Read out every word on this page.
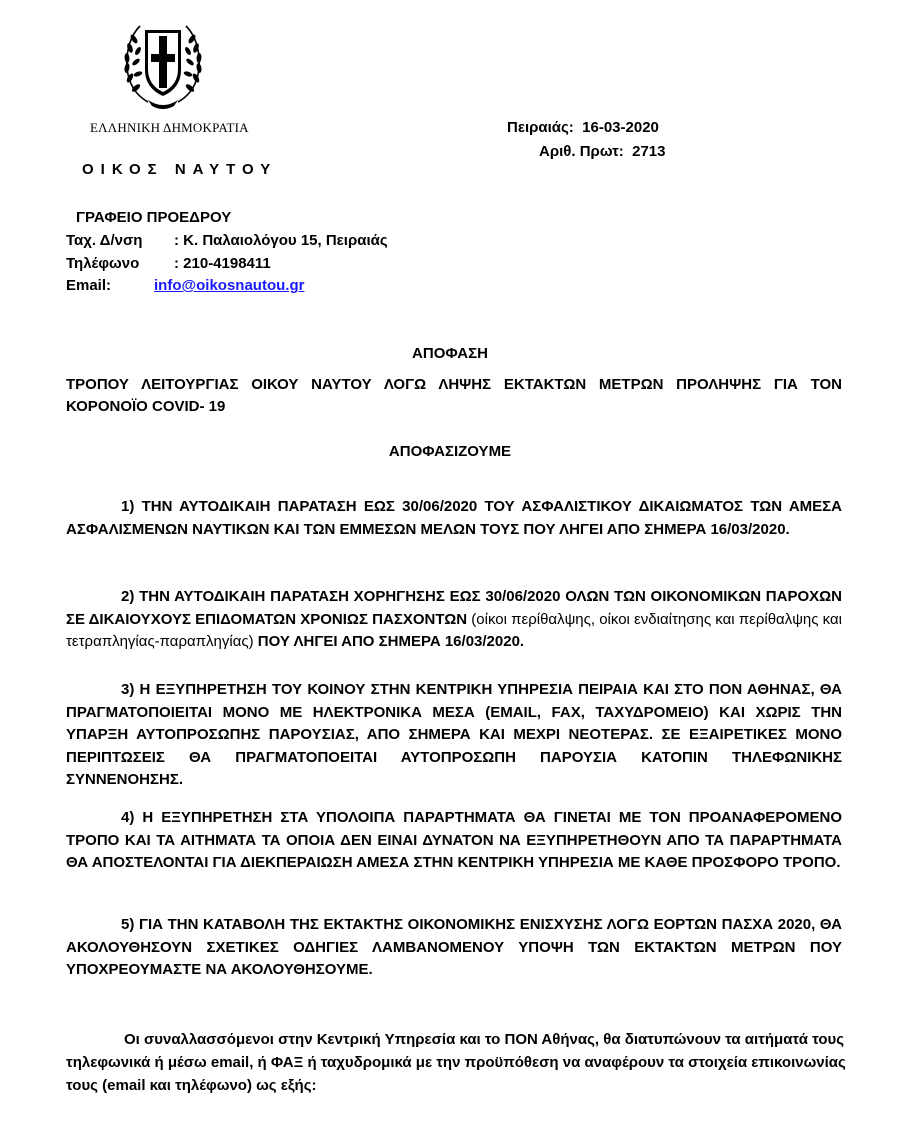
ΕΛΛΗΝΙΚΗ ΔΗΜΟΚΡΑΤΙΑ
ΟΙΚΟΣ ΝΑΥΤΟΥ
Πειραιάς: 16-03-2020
Αριθ. Πρωτ: 2713
ΓΡΑΦΕΙΟ ΠΡΟΕΔΡΟΥ
Ταχ. Δ/νση : Κ. Παλαιολόγου 15, Πειραιάς
Τηλέφωνο : 210-4198411
Email:	info@oikosnautou.gr
ΑΠΟΦΑΣΗ
ΤΡΟΠΟΥ ΛΕΙΤΟΥΡΓΙΑΣ ΟΙΚΟΥ ΝΑΥΤΟΥ ΛΟΓΩ ΛΗΨΗΣ ΕΚΤΑΚΤΩΝ ΜΕΤΡΩΝ ΠΡΟΛΗΨΗΣ ΓΙΑ ΤΟΝ ΚΟΡΟΝΟΪΟ COVID- 19
ΑΠΟΦΑΣΙΖΟΥΜΕ
1) ΤΗΝ ΑΥΤΟΔΙΚΑΙΗ ΠΑΡΑΤΑΣΗ ΕΩΣ 30/06/2020 ΤΟΥ ΑΣΦΑΛΙΣΤΙΚΟΥ ΔΙΚΑΙΩΜΑΤΟΣ ΤΩΝ ΑΜΕΣΑ ΑΣΦΑΛΙΣΜΕΝΩΝ ΝΑΥΤΙΚΩΝ ΚΑΙ ΤΩΝ ΕΜΜΕΣΩΝ ΜΕΛΩΝ ΤΟΥΣ ΠΟΥ ΛΗΓΕΙ ΑΠΟ ΣΗΜΕΡΑ 16/03/2020.
2) ΤΗΝ ΑΥΤΟΔΙΚΑΙΗ ΠΑΡΑΤΑΣΗ ΧΟΡΗΓΗΣΗΣ ΕΩΣ 30/06/2020 ΟΛΩΝ ΤΩΝ ΟΙΚΟΝΟΜΙΚΩΝ ΠΑΡΟΧΩΝ ΣΕ ΔΙΚΑΙΟΥΧΟΥΣ ΕΠΙΔΟΜΑΤΩΝ ΧΡΟΝΙΩΣ ΠΑΣΧΟΝΤΩΝ (οίκοι περίθαλψης, οίκοι ενδιαίτησης και περίθαλψης και τετραπληγίας-παραπληγίας) ΠΟΥ ΛΗΓΕΙ ΑΠΟ ΣΗΜΕΡΑ 16/03/2020.
3) Η ΕΞΥΠΗΡΕΤΗΣΗ ΤΟΥ ΚΟΙΝΟΥ ΣΤΗΝ ΚΕΝΤΡΙΚΗ ΥΠΗΡΕΣΙΑ ΠΕΙΡΑΙΑ ΚΑΙ ΣΤΟ ΠΟΝ ΑΘΗΝΑΣ, ΘΑ ΠΡΑΓΜΑΤΟΠΟΙΕΙΤΑΙ ΜΟΝΟ ΜΕ ΗΛΕΚΤΡΟΝΙΚΑ ΜΕΣΑ (EMAIL, FAX, ΤΑΧΥΔΡΟΜΕΙΟ) ΚΑΙ ΧΩΡΙΣ ΤΗΝ ΥΠΑΡΞΗ ΑΥΤΟΠΡΟΣΩΠΗΣ ΠΑΡΟΥΣΙΑΣ, ΑΠΟ ΣΗΜΕΡΑ ΚΑΙ ΜΕΧΡΙ ΝΕΟΤΕΡΑΣ. ΣΕ ΕΞΑΙΡΕΤΙΚΕΣ ΜΟΝΟ ΠΕΡΙΠΤΩΣΕΙΣ ΘΑ ΠΡΑΓΜΑΤΟΠΟΕΙΤΑΙ ΑΥΤΟΠΡΟΣΩΠΗ ΠΑΡΟΥΣΙΑ ΚΑΤΟΠΙΝ ΤΗΛΕΦΩΝΙΚΗΣ ΣΥΝΝΕΝΟΗΣΗΣ.
4) Η ΕΞΥΠΗΡΕΤΗΣΗ ΣΤΑ ΥΠΟΛΟΙΠΑ ΠΑΡΑΡΤΗΜΑΤΑ ΘΑ ΓΙΝΕΤΑΙ ΜΕ ΤΟΝ ΠΡΟΑΝΑΦΕΡΟΜΕΝΟ ΤΡΟΠΟ ΚΑΙ ΤΑ ΑΙΤΗΜΑΤΑ ΤΑ ΟΠΟΙΑ ΔΕΝ ΕΙΝΑΙ ΔΥΝΑΤΟΝ ΝΑ ΕΞΥΠΗΡΕΤΗΘΟΥΝ ΑΠΟ ΤΑ ΠΑΡΑΡΤΗΜΑΤΑ ΘΑ ΑΠΟΣΤΕΛΟΝΤΑΙ ΓΙΑ ΔΙΕΚΠΕΡΑΙΩΣΗ ΑΜΕΣΑ ΣΤΗΝ ΚΕΝΤΡΙΚΗ ΥΠΗΡΕΣΙΑ ΜΕ ΚΑΘΕ ΠΡΟΣΦΟΡΟ ΤΡΟΠΟ.
5) ΓΙΑ ΤΗΝ ΚΑΤΑΒΟΛΗ ΤΗΣ ΕΚΤΑΚΤΗΣ ΟΙΚΟΝΟΜΙΚΗΣ ΕΝΙΣΧΥΣΗΣ ΛΟΓΩ ΕΟΡΤΩΝ ΠΑΣΧΑ 2020, ΘΑ ΑΚΟΛΟΥΘΗΣΟΥΝ ΣΧΕΤΙΚΕΣ ΟΔΗΓΙΕΣ ΛΑΜΒΑΝΟΜΕΝΟΥ ΥΠΟΨΗ ΤΩΝ ΕΚΤΑΚΤΩΝ ΜΕΤΡΩΝ ΠΟΥ ΥΠΟΧΡΕΟΥΜΑΣΤΕ ΝΑ ΑΚΟΛΟΥΘΗΣΟΥΜΕ.
Οι συναλλασσόμενοι στην Κεντρική Υπηρεσία και το ΠΟΝ Αθήνας, θα διατυπώνουν τα αιτήματά τους τηλεφωνικά ή μέσω email, ή ΦΑΞ ή ταχυδρομικά με την προϋπόθεση να αναφέρουν τα στοιχεία επικοινωνίας τους (email και τηλέφωνο) ως εξής:
